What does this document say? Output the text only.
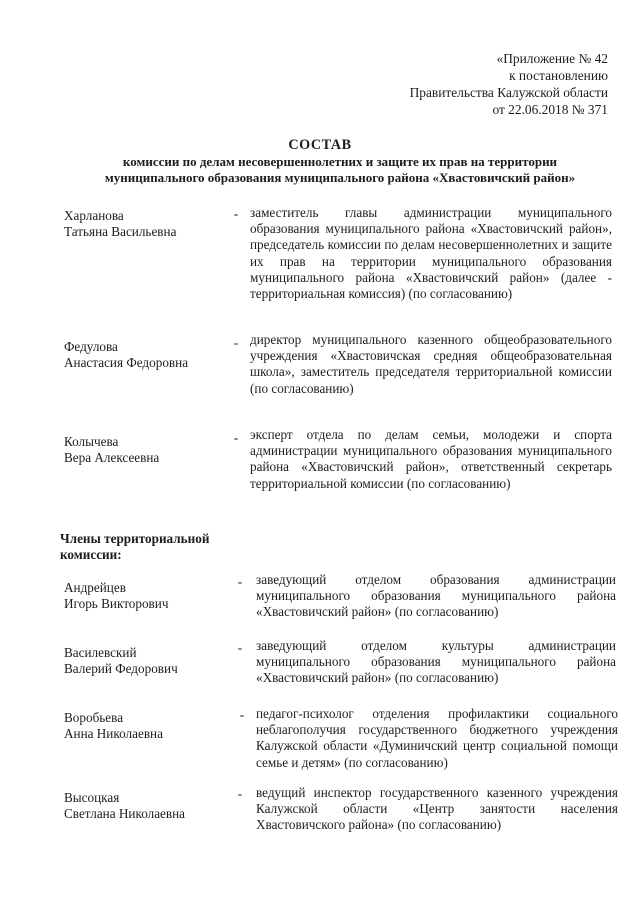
«Приложение № 42
к постановлению
Правительства Калужской области
от 22.06.2018 № 371
СОСТАВ
комиссии по делам несовершеннолетних и защите их прав на территории
муниципального образования муниципального района «Хвастовичский район»
Харланова
Татьяна Васильевна
- заместитель главы администрации муниципального образования муниципального района «Хвастовичский район», председатель комиссии по делам несовершеннолетних и защите их прав на территории муниципального образования муниципального района «Хвастовичский район» (далее - территориальная комиссия) (по согласованию)
Федулова
Анастасия Федоровна
- директор муниципального казенного общеобразовательного учреждения «Хвастовичская средняя общеобразовательная школа», заместитель председателя территориальной комиссии (по согласованию)
Колычева
Вера Алексеевна
- эксперт отдела по делам семьи, молодежи и спорта администрации муниципального образования муниципального района «Хвастовичский район», ответственный секретарь территориальной комиссии (по согласованию)
Члены территориальной
комиссии:
Андрейцев
Игорь Викторович
- заведующий отделом образования администрации муниципального образования муниципального района «Хвастовичский район» (по согласованию)
Василевский
Валерий Федорович
- заведующий отделом культуры администрации муниципального образования муниципального района «Хвастовичский район» (по согласованию)
Воробьева
Анна Николаевна
- педагог-психолог отделения профилактики социального неблагополучия государственного бюджетного учреждения Калужской области «Думиничский центр социальной помощи семье и детям» (по согласованию)
Высоцкая
Светлана Николаевна
- ведущий инспектор государственного казенного учреждения Калужской области «Центр занятости населения Хвастовичского района» (по согласованию)
